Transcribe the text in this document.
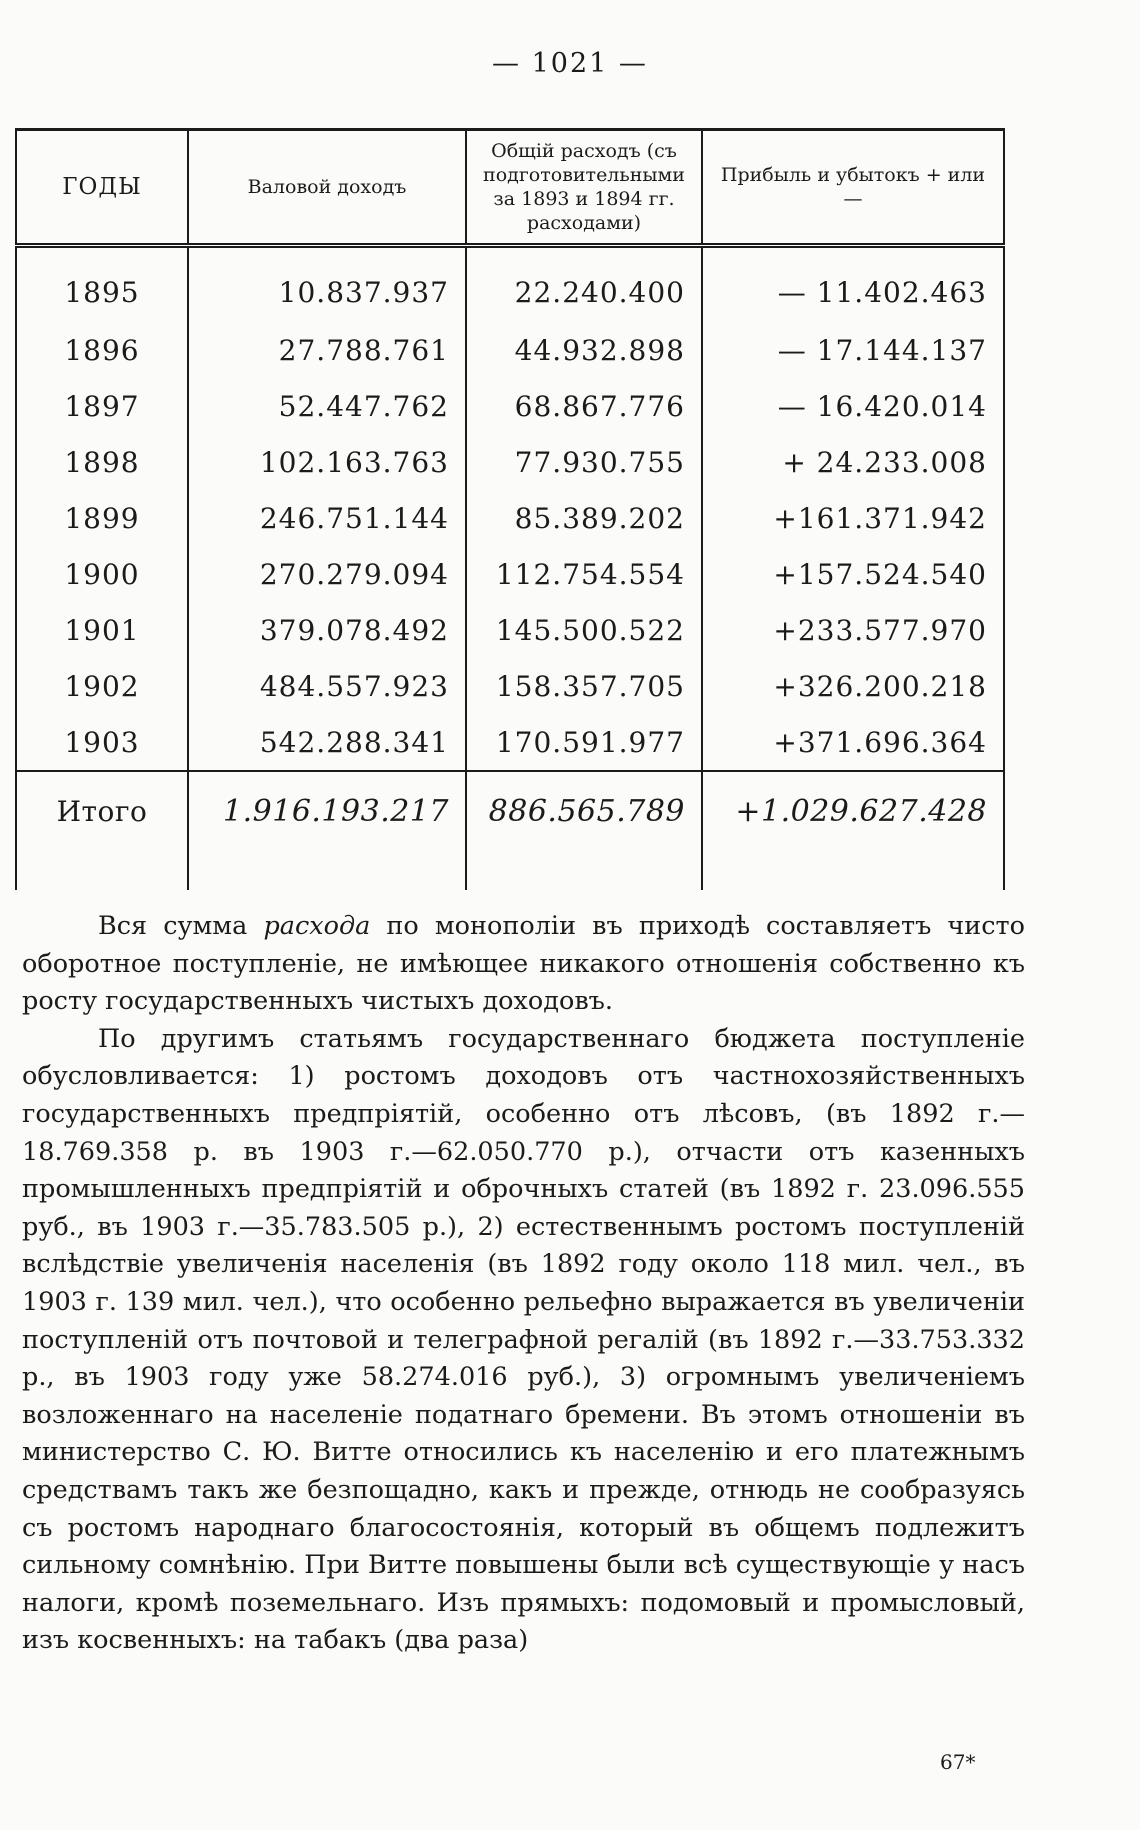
— 1021 —
ГОДЫ	Валовой доходъ	Общій расходъ (съ подготовительными за 1893 и 1894 гг. расходами)	Прибыль и убытокъ + или —
1895	10.837.937	22.240.400	— 11.402.463
1896	27.788.761	44.932.898	— 17.144.137
1897	52.447.762	68.867.776	— 16.420.014
1898	102.163.763	77.930.755	+ 24.233.008
1899	246.751.144	85.389.202	+161.371.942
1900	270.279.094	112.754.554	+157.524.540
1901	379.078.492	145.500.522	+233.577.970
1902	484.557.923	158.357.705	+326.200.218
1903	542.288.341	170.591.977	+371.696.364
Итого	1.916.193.217	886.565.789	+1.029.627.428

Вся сумма расхода по монополіи въ приходѣ составляетъ чисто оборотное поступленіе, не имѣющее никакого отношенія собственно къ росту государственныхъ чистыхъ доходовъ.

По другимъ статьямъ государственнаго бюджета поступленіе обусловливается: 1) ростомъ доходовъ отъ частнохозяйственныхъ государственныхъ предпріятій, особенно отъ лѣсовъ, (въ 1892 г.— 18.769.358 р. въ 1903 г.—62.050.770 р.), отчасти отъ казенныхъ промышленныхъ предпріятій и оброчныхъ статей (въ 1892 г. 23.096.555 руб., въ 1903 г.—35.783.505 р.), 2) естественнымъ ростомъ поступленій вслѣдствіе увеличенія населенія (въ 1892 году около 118 мил. чел., въ 1903 г. 139 мил. чел.), что особенно рельефно выражается въ увеличеніи поступленій отъ почтовой и телеграфной регалій (въ 1892 г.—33.753.332 р., въ 1903 году уже 58.274.016 руб.), 3) огромнымъ увеличеніемъ возложеннаго на населеніе податнаго бремени. Въ этомъ отношеніи въ министерство С. Ю. Витте относились къ населенію и его платежнымъ средствамъ такъ же безпощадно, какъ и прежде, отнюдь не сообразуясь съ ростомъ народнаго благосостоянія, который въ общемъ подлежитъ сильному сомнѣнію. При Витте повышены были всѣ существующіе у насъ налоги, кромѣ поземельнаго. Изъ прямыхъ: подомовый и промысловый, изъ косвенныхъ: на табакъ (два раза)

67*
